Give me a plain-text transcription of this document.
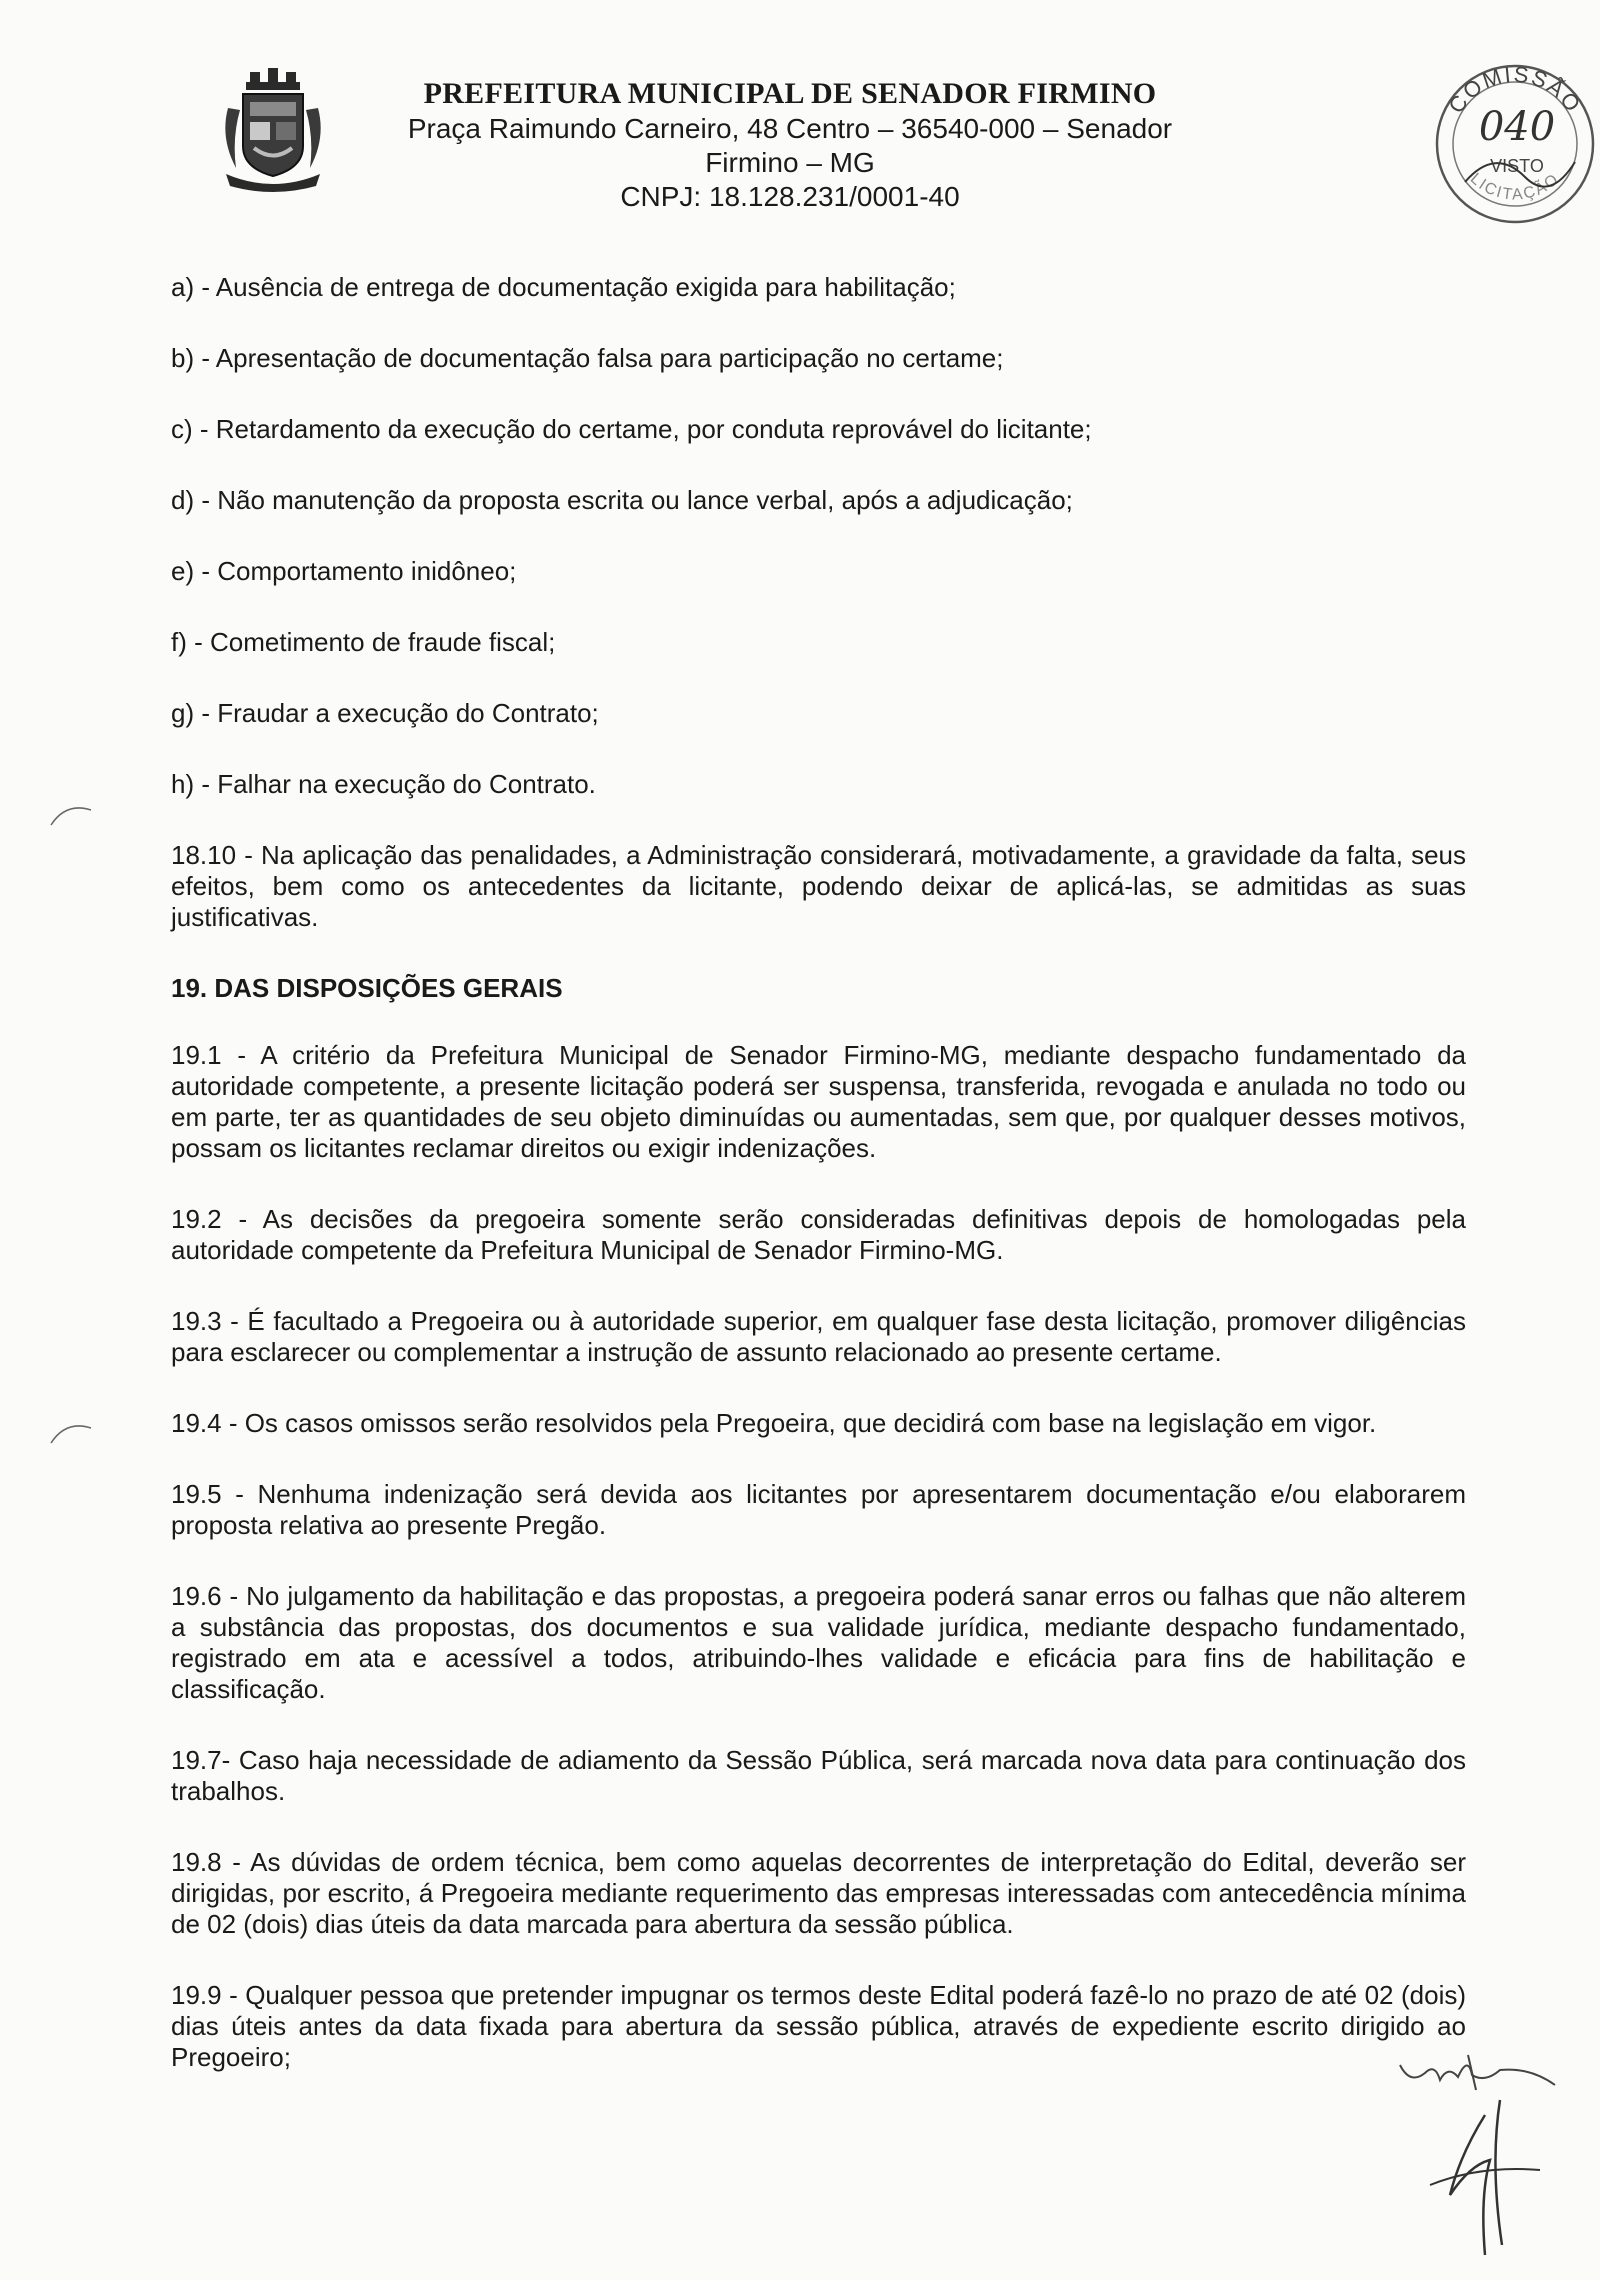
PREFEITURA MUNICIPAL DE SENADOR FIRMINO
Praça Raimundo Carneiro, 48 Centro – 36540-000 – Senador Firmino – MG
CNPJ: 18.128.231/0001-40
COMISSÃO
040
VISTO
LICITAÇÃO
a) - Ausência de entrega de documentação exigida para habilitação;
b) - Apresentação de documentação falsa para participação no certame;
c) - Retardamento da execução do certame, por conduta reprovável do licitante;
d) - Não manutenção da proposta escrita ou lance verbal, após a adjudicação;
e) - Comportamento inidôneo;
f) - Cometimento de fraude fiscal;
g) - Fraudar a execução do Contrato;
h) - Falhar na execução do Contrato.
18.10 - Na aplicação das penalidades, a Administração considerará, motivadamente, a gravidade da falta, seus efeitos, bem como os antecedentes da licitante, podendo deixar de aplicá-las, se admitidas as suas justificativas.
19. DAS DISPOSIÇÕES GERAIS
19.1 - A critério da Prefeitura Municipal de Senador Firmino-MG, mediante despacho fundamentado da autoridade competente, a presente licitação poderá ser suspensa, transferida, revogada e anulada no todo ou em parte, ter as quantidades de seu objeto diminuídas ou aumentadas, sem que, por qualquer desses motivos, possam os licitantes reclamar direitos ou exigir indenizações.
19.2 - As decisões da pregoeira somente serão consideradas definitivas depois de homologadas pela autoridade competente da Prefeitura Municipal de Senador Firmino-MG.
19.3 - É facultado a Pregoeira ou à autoridade superior, em qualquer fase desta licitação, promover diligências para esclarecer ou complementar a instrução de assunto relacionado ao presente certame.
19.4 - Os casos omissos serão resolvidos pela Pregoeira, que decidirá com base na legislação em vigor.
19.5 - Nenhuma indenização será devida aos licitantes por apresentarem documentação e/ou elaborarem proposta relativa ao presente Pregão.
19.6 - No julgamento da habilitação e das propostas, a pregoeira poderá sanar erros ou falhas que não alterem a substância das propostas, dos documentos e sua validade jurídica, mediante despacho fundamentado, registrado em ata e acessível a todos, atribuindo-lhes validade e eficácia para fins de habilitação e classificação.
19.7- Caso haja necessidade de adiamento da Sessão Pública, será marcada nova data para continuação dos trabalhos.
19.8 - As dúvidas de ordem técnica, bem como aquelas decorrentes de interpretação do Edital, deverão ser dirigidas, por escrito, á Pregoeira mediante requerimento das empresas interessadas com antecedência mínima de 02 (dois) dias úteis da data marcada para abertura da sessão pública.
19.9 - Qualquer pessoa que pretender impugnar os termos deste Edital poderá fazê-lo no prazo de até 02 (dois) dias úteis antes da data fixada para abertura da sessão pública, através de expediente escrito dirigido ao Pregoeiro;
